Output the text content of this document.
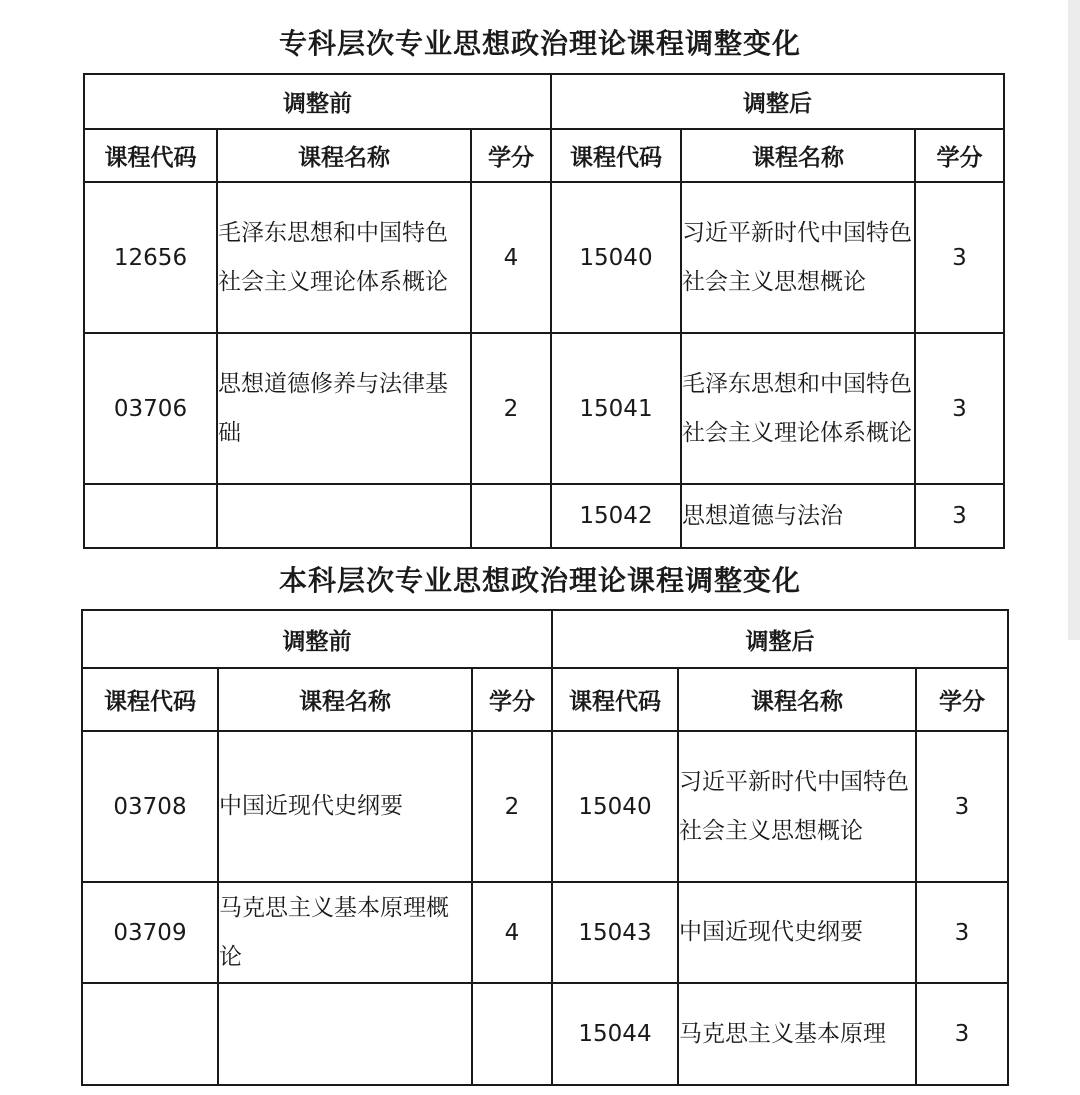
专科层次专业思想政治理论课程调整变化
调整前			调整后		
课程代码	课程名称	学分	课程代码	课程名称	学分
12656	毛泽东思想和中国特色社会主义理论体系概论	4	15040	习近平新时代中国特色社会主义思想概论	3
03706	思想道德修养与法律基础	2	15041	毛泽东思想和中国特色社会主义理论体系概论	3
			15042	思想道德与法治	3
本科层次专业思想政治理论课程调整变化
调整前			调整后		
课程代码	课程名称	学分	课程代码	课程名称	学分
03708	中国近现代史纲要	2	15040	习近平新时代中国特色社会主义思想概论	3
03709	马克思主义基本原理概论	4	15043	中国近现代史纲要	3
			15044	马克思主义基本原理	3
